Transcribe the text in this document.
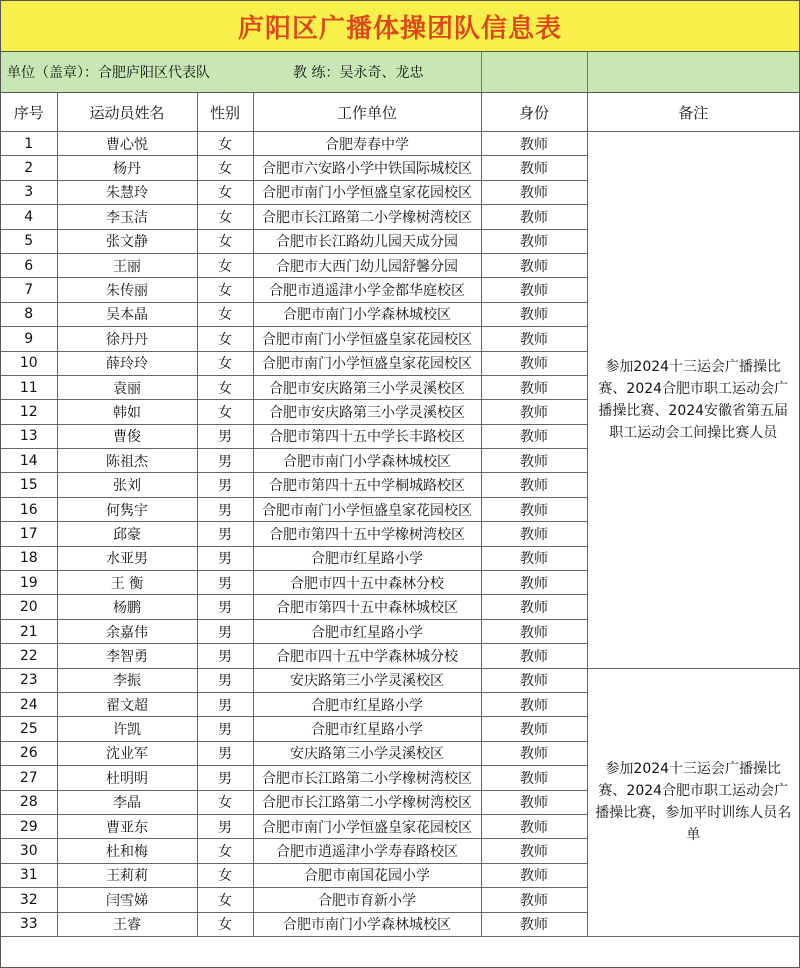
庐阳区广播体操团队信息表
单位（盖章）：合肥庐阳区代表队	教 练：吴永奇、龙忠
序号	运动员姓名	性别	工作单位	身份	备注
1	曹心悦	女	合肥寿春中学	教师	参加2024十三运会广播操比赛、2024合肥市职工运动会广播操比赛、2024安徽省第五届职工运动会工间操比赛人员
2	杨丹	女	合肥市六安路小学中铁国际城校区	教师	
3	朱慧玲	女	合肥市南门小学恒盛皇家花园校区	教师	
4	李玉洁	女	合肥市长江路第二小学橡树湾校区	教师	
5	张文静	女	合肥市长江路幼儿园天成分园	教师	
6	王丽	女	合肥市大西门幼儿园舒馨分园	教师	
7	朱传丽	女	合肥市逍遥津小学金都华庭校区	教师	
8	吴本晶	女	合肥市南门小学森林城校区	教师	
9	徐丹丹	女	合肥市南门小学恒盛皇家花园校区	教师	
10	薛玲玲	女	合肥市南门小学恒盛皇家花园校区	教师	
11	袁丽	女	合肥市安庆路第三小学灵溪校区	教师	
12	韩如	女	合肥市安庆路第三小学灵溪校区	教师	
13	曹俊	男	合肥市第四十五中学长丰路校区	教师	
14	陈祖杰	男	合肥市南门小学森林城校区	教师	
15	张刘	男	合肥市第四十五中学桐城路校区	教师	
16	何隽宇	男	合肥市南门小学恒盛皇家花园校区	教师	
17	邱豪	男	合肥市第四十五中学橡树湾校区	教师	
18	水亚男	男	合肥市红星路小学	教师	
19	王 衡	男	合肥市四十五中森林分校	教师	
20	杨鹏	男	合肥市第四十五中森林城校区	教师	
21	余嘉伟	男	合肥市红星路小学	教师	
22	李智勇	男	合肥市四十五中学森林城分校	教师	
23	李振	男	安庆路第三小学灵溪校区	教师	参加2024十三运会广播操比赛、2024合肥市职工运动会广播操比赛，参加平时训练人员名单
24	翟文超	男	合肥市红星路小学	教师	
25	许凯	男	合肥市红星路小学	教师	
26	沈业军	男	安庆路第三小学灵溪校区	教师	
27	杜明明	男	合肥市长江路第二小学橡树湾校区	教师	
28	李晶	女	合肥市长江路第二小学橡树湾校区	教师	
29	曹亚东	男	合肥市南门小学恒盛皇家花园校区	教师	
30	杜和梅	女	合肥市逍遥津小学寿春路校区	教师	
31	王莉莉	女	合肥市南国花园小学	教师	
32	闫雪娣	女	合肥市育新小学	教师	
33	王睿	女	合肥市南门小学森林城校区	教师	
